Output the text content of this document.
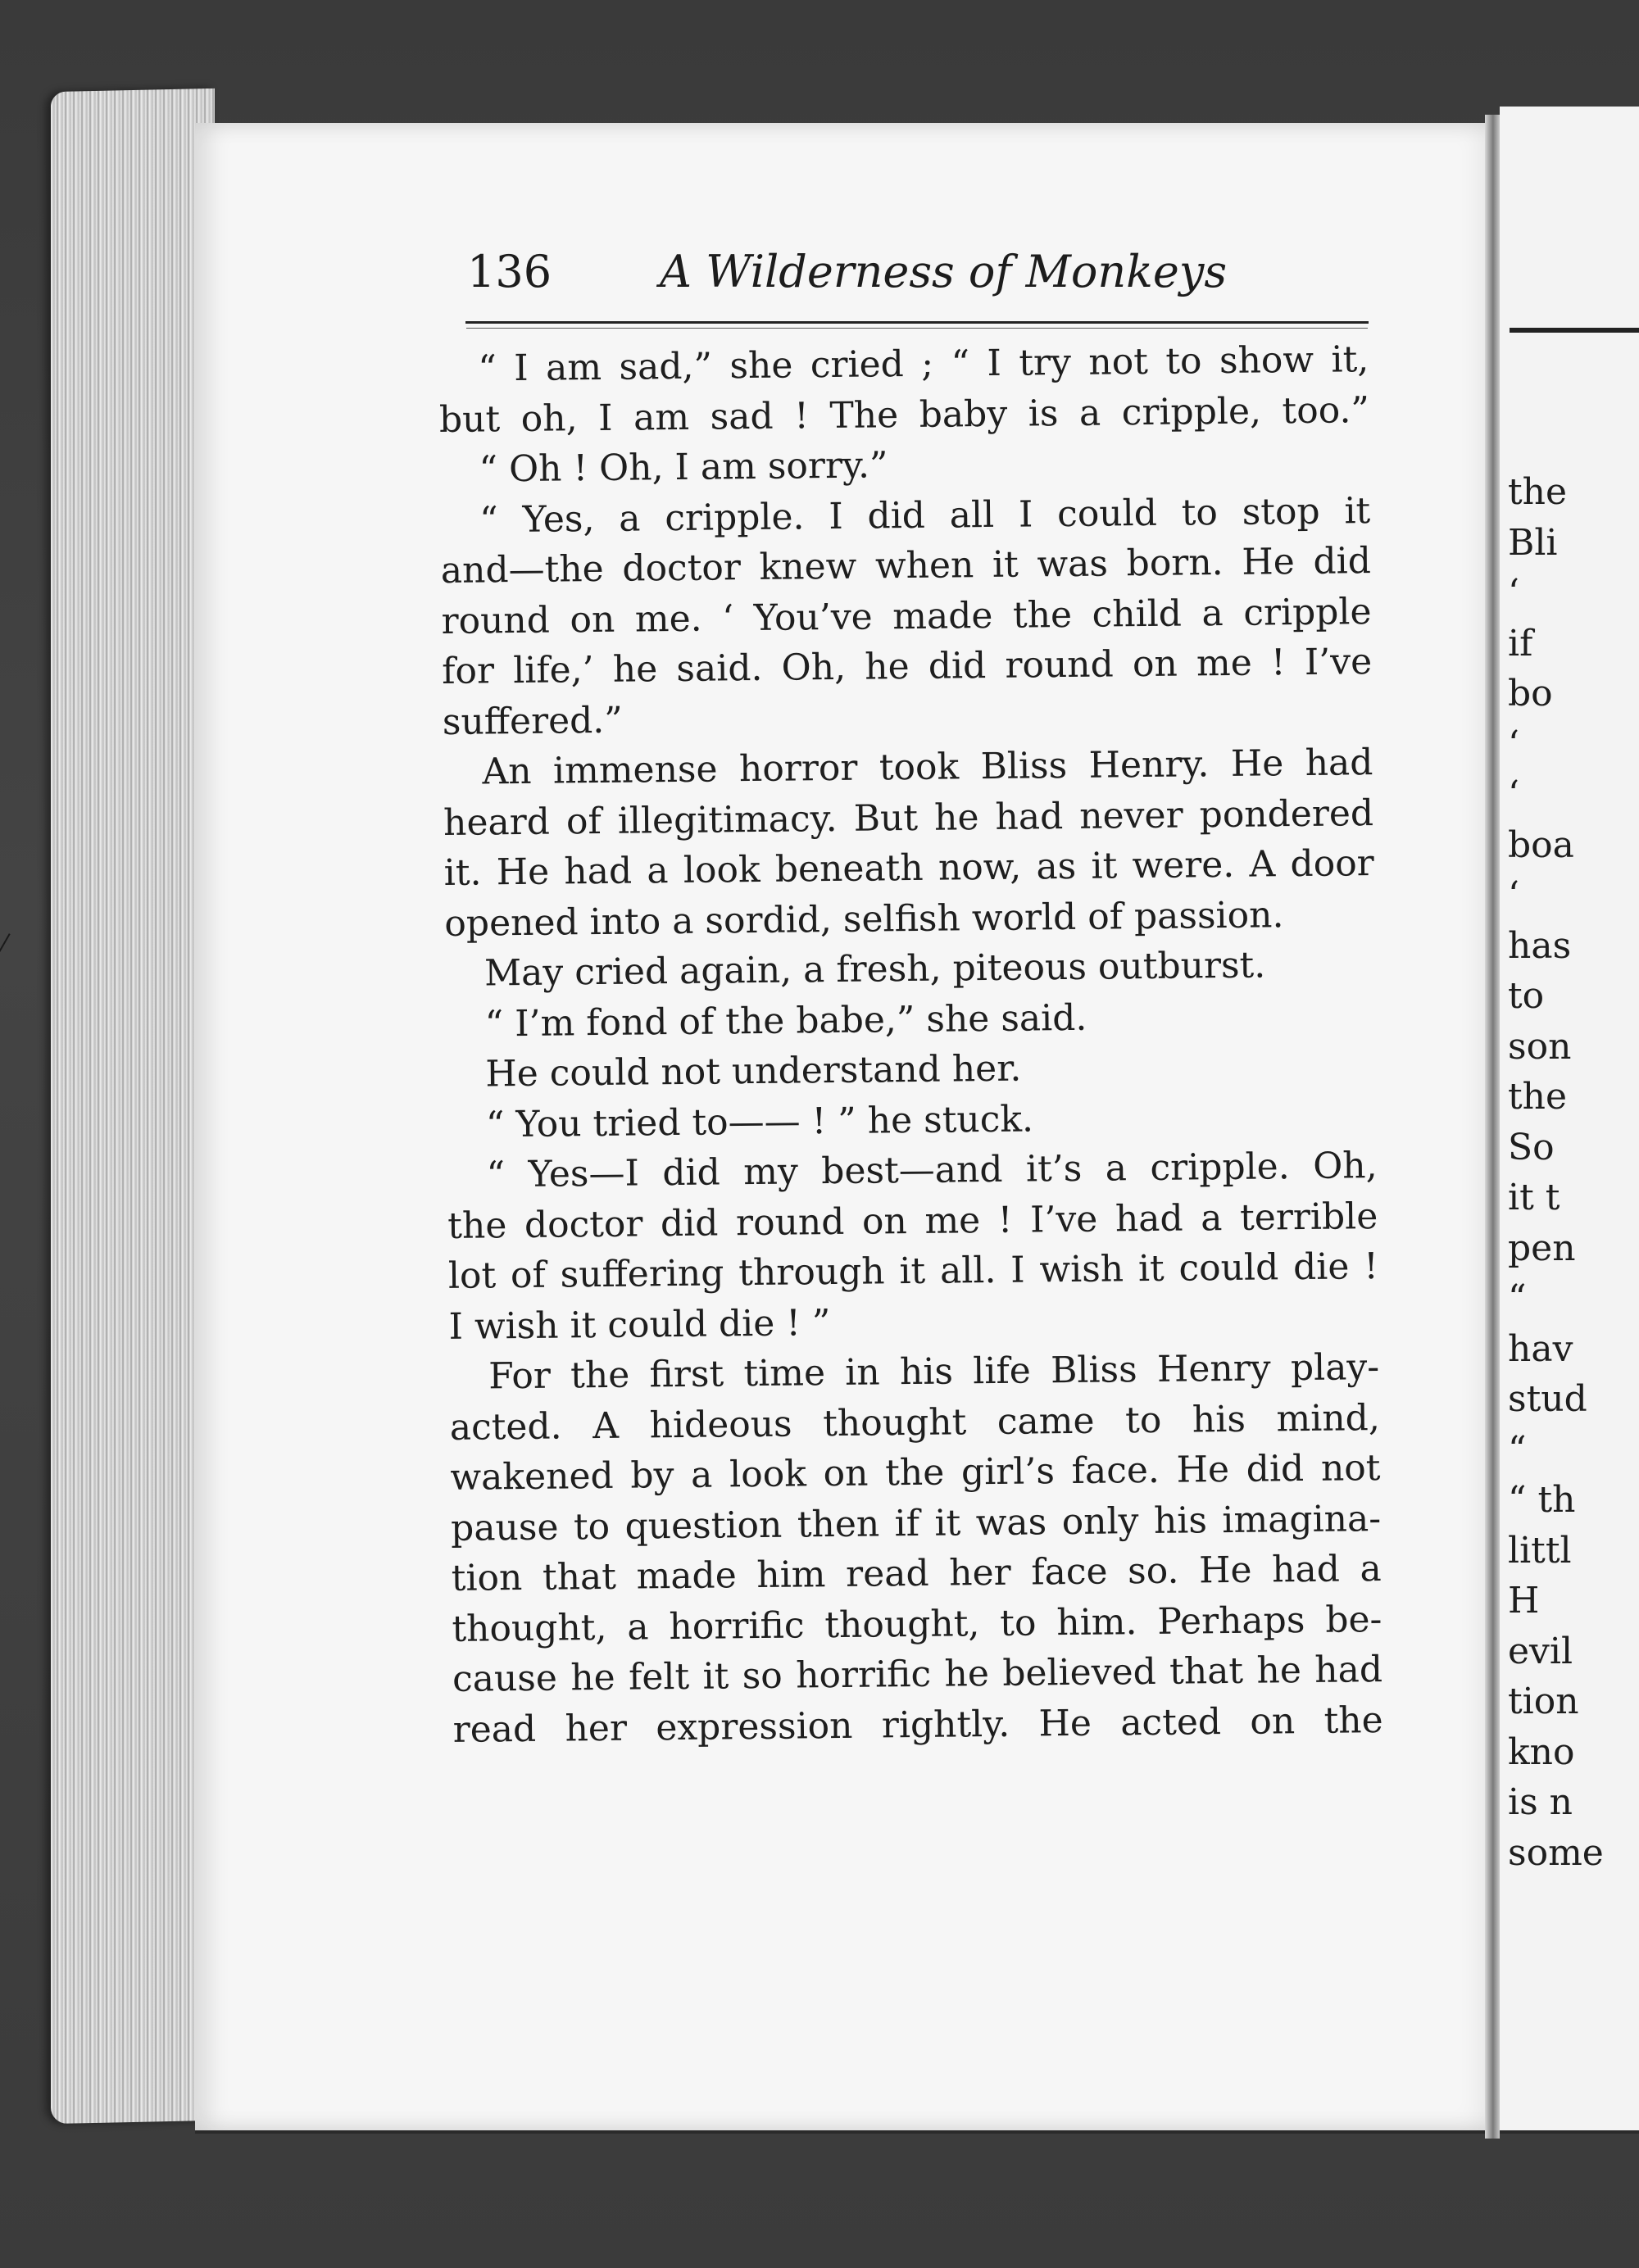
the
Bli
‘
if
bo
‘
‘
boa
‘
has
to
son
the
So
it t
pen
“
hav
stud
“
“ th
littl
H
evil
tion
kno
is n
some
136 A Wilderness of Monkeys
“ I am sad,” she cried ; “ I try not to show it,
but oh, I am sad ! The baby is a cripple, too.”
“ Oh ! Oh, I am sorry.”
“ Yes, a cripple. I did all I could to stop it
and—the doctor knew when it was born. He did
round on me. ‘ You’ve made the child a cripple
for life,’ he said. Oh, he did round on me ! I’ve
suffered.”
An immense horror took Bliss Henry. He had
heard of illegitimacy. But he had never pondered
it. He had a look beneath now, as it were. A door
opened into a sordid, selfish world of passion.
May cried again, a fresh, piteous outburst.
“ I’m fond of the babe,” she said.
He could not understand her.
“ You tried to—— ! ” he stuck.
“ Yes—I did my best—and it’s a cripple. Oh,
the doctor did round on me ! I’ve had a terrible
lot of suffering through it all. I wish it could die !
I wish it could die ! ”
For the first time in his life Bliss Henry play-
acted. A hideous thought came to his mind,
wakened by a look on the girl’s face. He did not
pause to question then if it was only his imagina-
tion that made him read her face so. He had a
thought, a horrific thought, to him. Perhaps be-
cause he felt it so horrific he believed that he had
read her expression rightly. He acted on the
